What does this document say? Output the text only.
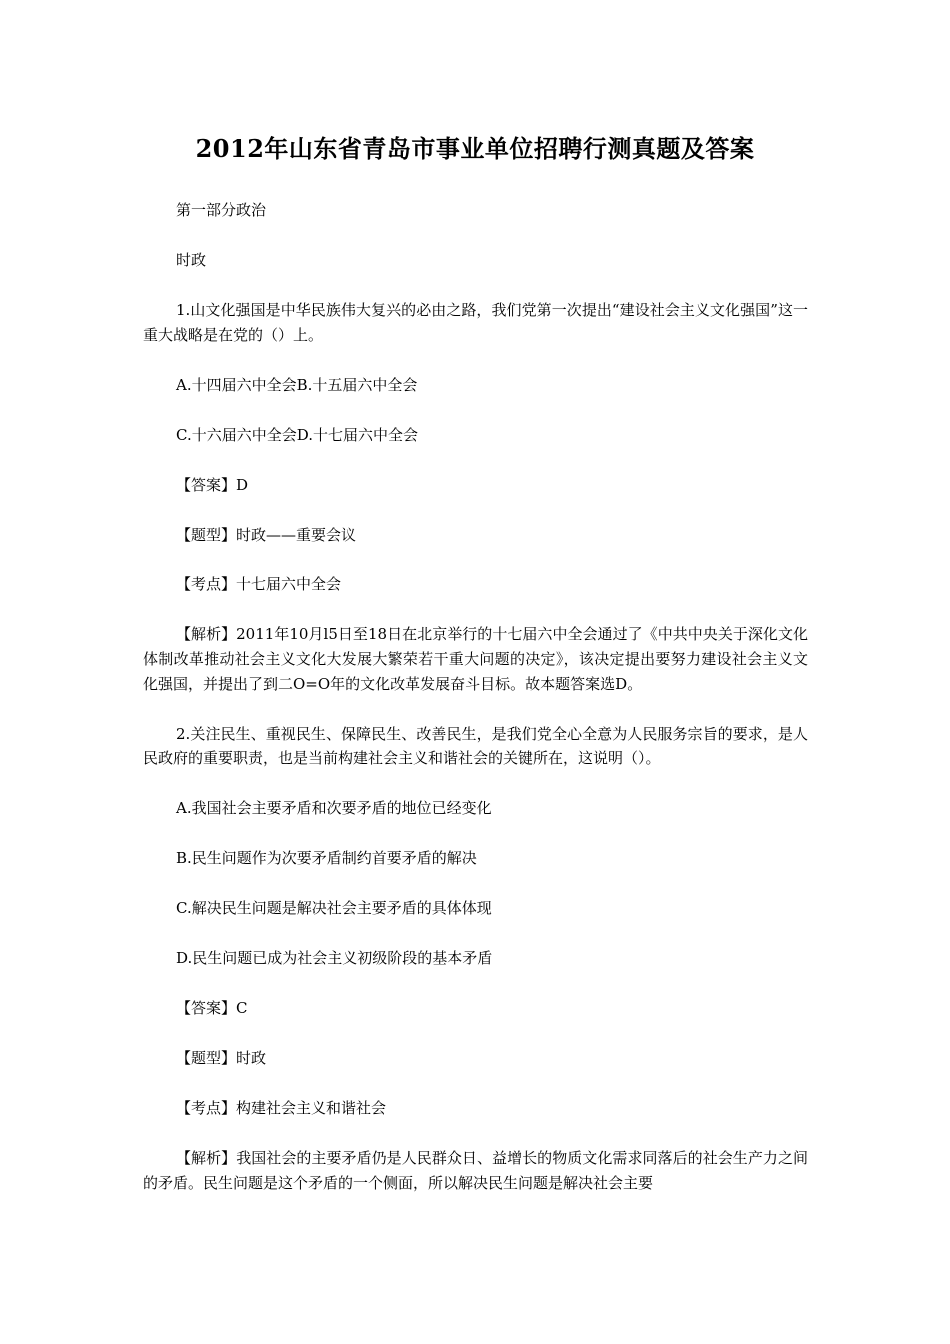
2012年山东省青岛市事业单位招聘行测真题及答案

第一部分政治

时政

1.山文化强国是中华民族伟大复兴的必由之路，我们党第一次提出“建设社会主义文化强国”这一重大战略是在党的（）上。

A.十四届六中全会B.十五届六中全会

C.十六届六中全会D.十七届六中全会

【答案】D

【题型】时政——重要会议

【考点】十七届六中全会

【解析】2011年10月l5日至18日在北京举行的十七届六中全会通过了《中共中央关于深化文化体制改革推动社会主义文化大发展大繁荣若干重大问题的决定》，该决定提出要努力建设社会主义文化强国，并提出了到二O=O年的文化改革发展奋斗目标。故本题答案选D。

2.关注民生、重视民生、保障民生、改善民生，是我们党全心全意为人民服务宗旨的要求，是人民政府的重要职责，也是当前构建社会主义和谐社会的关键所在，这说明（）。

A.我国社会主要矛盾和次要矛盾的地位已经变化

B.民生问题作为次要矛盾制约首要矛盾的解决

C.解决民生问题是解决社会主要矛盾的具体体现

D.民生问题已成为社会主义初级阶段的基本矛盾

【答案】C

【题型】时政

【考点】构建社会主义和谐社会

【解析】我国社会的主要矛盾仍是人民群众日、益增长的物质文化需求同落后的社会生产力之间的矛盾。民生问题是这个矛盾的一个侧面，所以解决民生问题是解决社会主要
